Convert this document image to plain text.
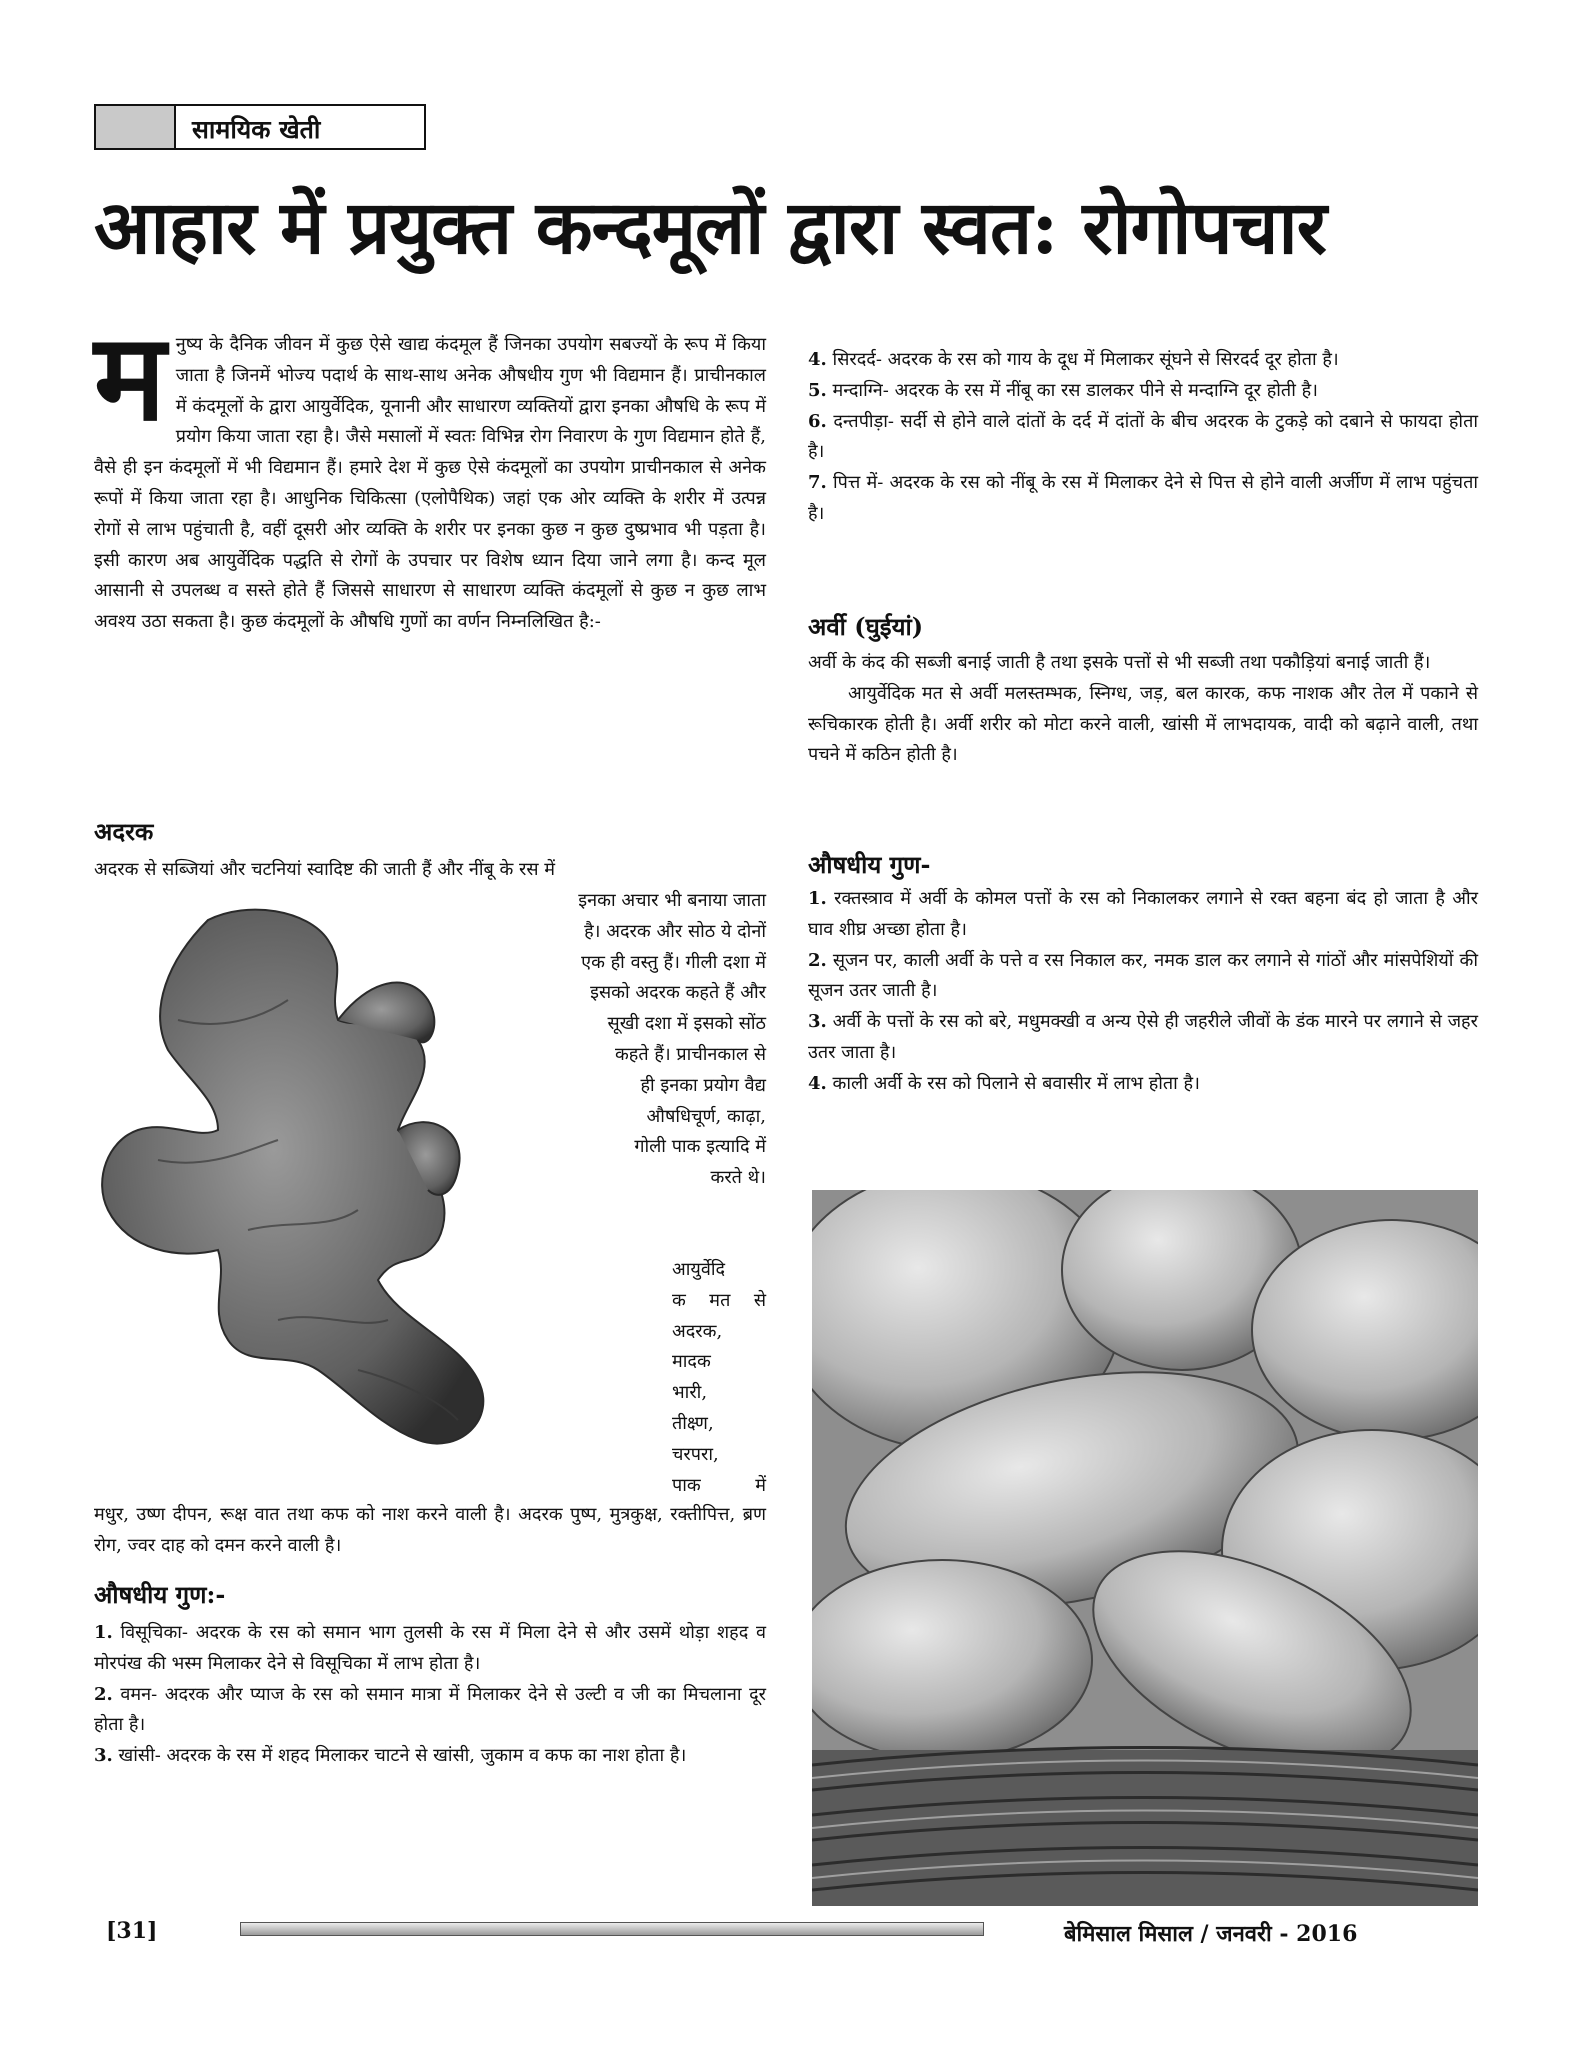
सामयिक खेती
आहार में प्रयुक्त कन्दमूलों द्वारा स्वत: रोगोपचार
म नुष्य के दैनिक जीवन में कुछ ऐसे खाद्य कंदमूल हैं जिनका उपयोग सबज्यों के रूप में किया जाता है जिनमें भोज्य पदार्थ के साथ-साथ अनेक औषधीय गुण भी विद्यमान हैं। प्राचीनकाल में कंदमूलों के द्वारा आयुर्वेदिक, यूनानी और साधारण व्यक्तियों द्वारा इनका औषधि के रूप में प्रयोग किया जाता रहा है। जैसे मसालों में स्वतः विभिन्न रोग निवारण के गुण विद्यमान होते हैं, वैसे ही इन कंदमूलों में भी विद्यमान हैं। हमारे देश में कुछ ऐसे कंदमूलों का उपयोग प्राचीनकाल से अनेक रूपों में किया जाता रहा है। आधुनिक चिकित्सा (एलोपैथिक) जहां एक ओर व्यक्ति के शरीर में उत्पन्न रोगों से लाभ पहुंचाती है, वहीं दूसरी ओर व्यक्ति के शरीर पर इनका कुछ न कुछ दुष्प्रभाव भी पड़ता है। इसी कारण अब आयुर्वेदिक पद्धति से रोगों के उपचार पर विशेष ध्यान दिया जाने लगा है। कन्द मूल आसानी से उपलब्ध व सस्ते होते हैं जिससे साधारण से साधारण व्यक्ति कंदमूलों से कुछ न कुछ लाभ अवश्य उठा सकता है। कुछ कंदमूलों के औषधि गुणों का वर्णन निम्नलिखित है:-
अदरक
अदरक से सब्जियां और चटनियां स्वादिष्ट की जाती हैं और नींबू के रस में

इनका अचार भी बनाया जाता

है। अदरक और सोठ ये दोनों

एक ही वस्तु हैं। गीली दशा में

इसको अदरक कहते हैं और

सूखी दशा में इसको सोंठ

कहते हैं। प्राचीनकाल से

ही इनका प्रयोग वैद्य

औषधिचूर्ण, काढ़ा,

गोली पाक इत्यादि में

करते थे।

आयुर्वेदि

क मत से

अदरक,

मादक

भारी,

तीक्ष्ण,

चरपरा,

पाक में

मधुर, उष्ण दीपन, रूक्ष वात तथा कफ को नाश करने वाली है। अदरक पुष्प, मुत्रकुक्ष, रक्तीपित्त, ब्रण रोग, ज्वर दाह को दमन करने वाली है।
औषधीय गुण:-

1. विसूचिका- अदरक के रस को समान भाग तुलसी के रस में मिला देने से और उसमें थोड़ा शहद व मोरपंख की भस्म मिलाकर देने से विसूचिका में लाभ होता है।

2. वमन- अदरक और प्याज के रस को समान मात्रा में मिलाकर देने से उल्टी व जी का मिचलाना दूर होता है।

3. खांसी- अदरक के रस में शहद मिलाकर चाटने से खांसी, जुकाम व कफ का नाश होता है।

4. सिरदर्द- अदरक के रस को गाय के दूध में मिलाकर सूंघने से सिरदर्द दूर होता है।

5. मन्दाग्नि- अदरक के रस में नींबू का रस डालकर पीने से मन्दाग्नि दूर होती है।

6. दन्तपीड़ा- सर्दी से होने वाले दांतों के दर्द में दांतों के बीच अदरक के टुकड़े को दबाने से फायदा होता है।

7. पित्त में- अदरक के रस को नींबू के रस में मिलाकर देने से पित्त से होने वाली अर्जीण में लाभ पहुंचता है।

अर्वी (घुईयां)

अर्वी के कंद की सब्जी बनाई जाती है तथा इसके पत्तों से भी सब्जी तथा पकौड़ियां बनाई जाती हैं।

आयुर्वेदिक मत से अर्वी मलस्तम्भक, स्निग्ध, जड़, बल कारक, कफ नाशक और तेल में पकाने से रूचिकारक होती है। अर्वी शरीर को मोटा करने वाली, खांसी में लाभदायक, वादी को बढ़ाने वाली, तथा पचने में कठिन होती है।

औषधीय गुण-

1. रक्तस्त्राव में अर्वी के कोमल पत्तों के रस को निकालकर लगाने से रक्त बहना बंद हो जाता है और घाव शीघ्र अच्छा होता है।

2. सूजन पर, काली अर्वी के पत्ते व रस निकाल कर, नमक डाल कर लगाने से गांठों और मांसपेशियों की सूजन उतर जाती है।

3. अर्वी के पत्तों के रस को बरे, मधुमक्खी व अन्य ऐसे ही जहरीले जीवों के डंक मारने पर लगाने से जहर उतर जाता है।

4. काली अर्वी के रस को पिलाने से बवासीर में लाभ होता है।

[31]	बेमिसाल मिसाल / जनवरी - 2016
